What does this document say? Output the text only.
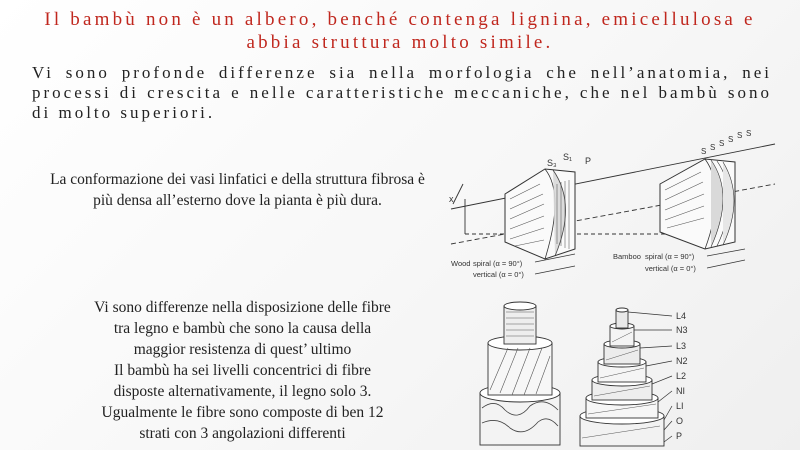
Il bambù non è un albero, benché contenga lignina, emicellulosa e abbia struttura molto simile.
Vi sono profonde differenze sia nella morfologia che nell’anatomia, nei processi di crescita e nelle caratteristiche meccaniche, che nel bambù sono di molto superiori.
La conformazione dei vasi linfatici e della struttura fibrosa è più densa all’esterno dove la pianta è più dura.
Vi sono differenze nella disposizione delle fibre
tra legno e bambù che sono la causa della
maggior resistenza di quest’ ultimo
Il bambù ha sei livelli concentrici di fibre
disposte alternativamente, il legno solo 3.
Ugualmente le fibre sono composte di ben 12
strati con 3 angolazioni differenti
x
S₃
S₁ P
S S S S S S
Wood spiral (α = 90°)
vertical (α = 0°)
Bamboo spiral (α = 90°)
vertical (α = 0°)
L4
N3
L3
N2
L2
NI
LI
O
P
